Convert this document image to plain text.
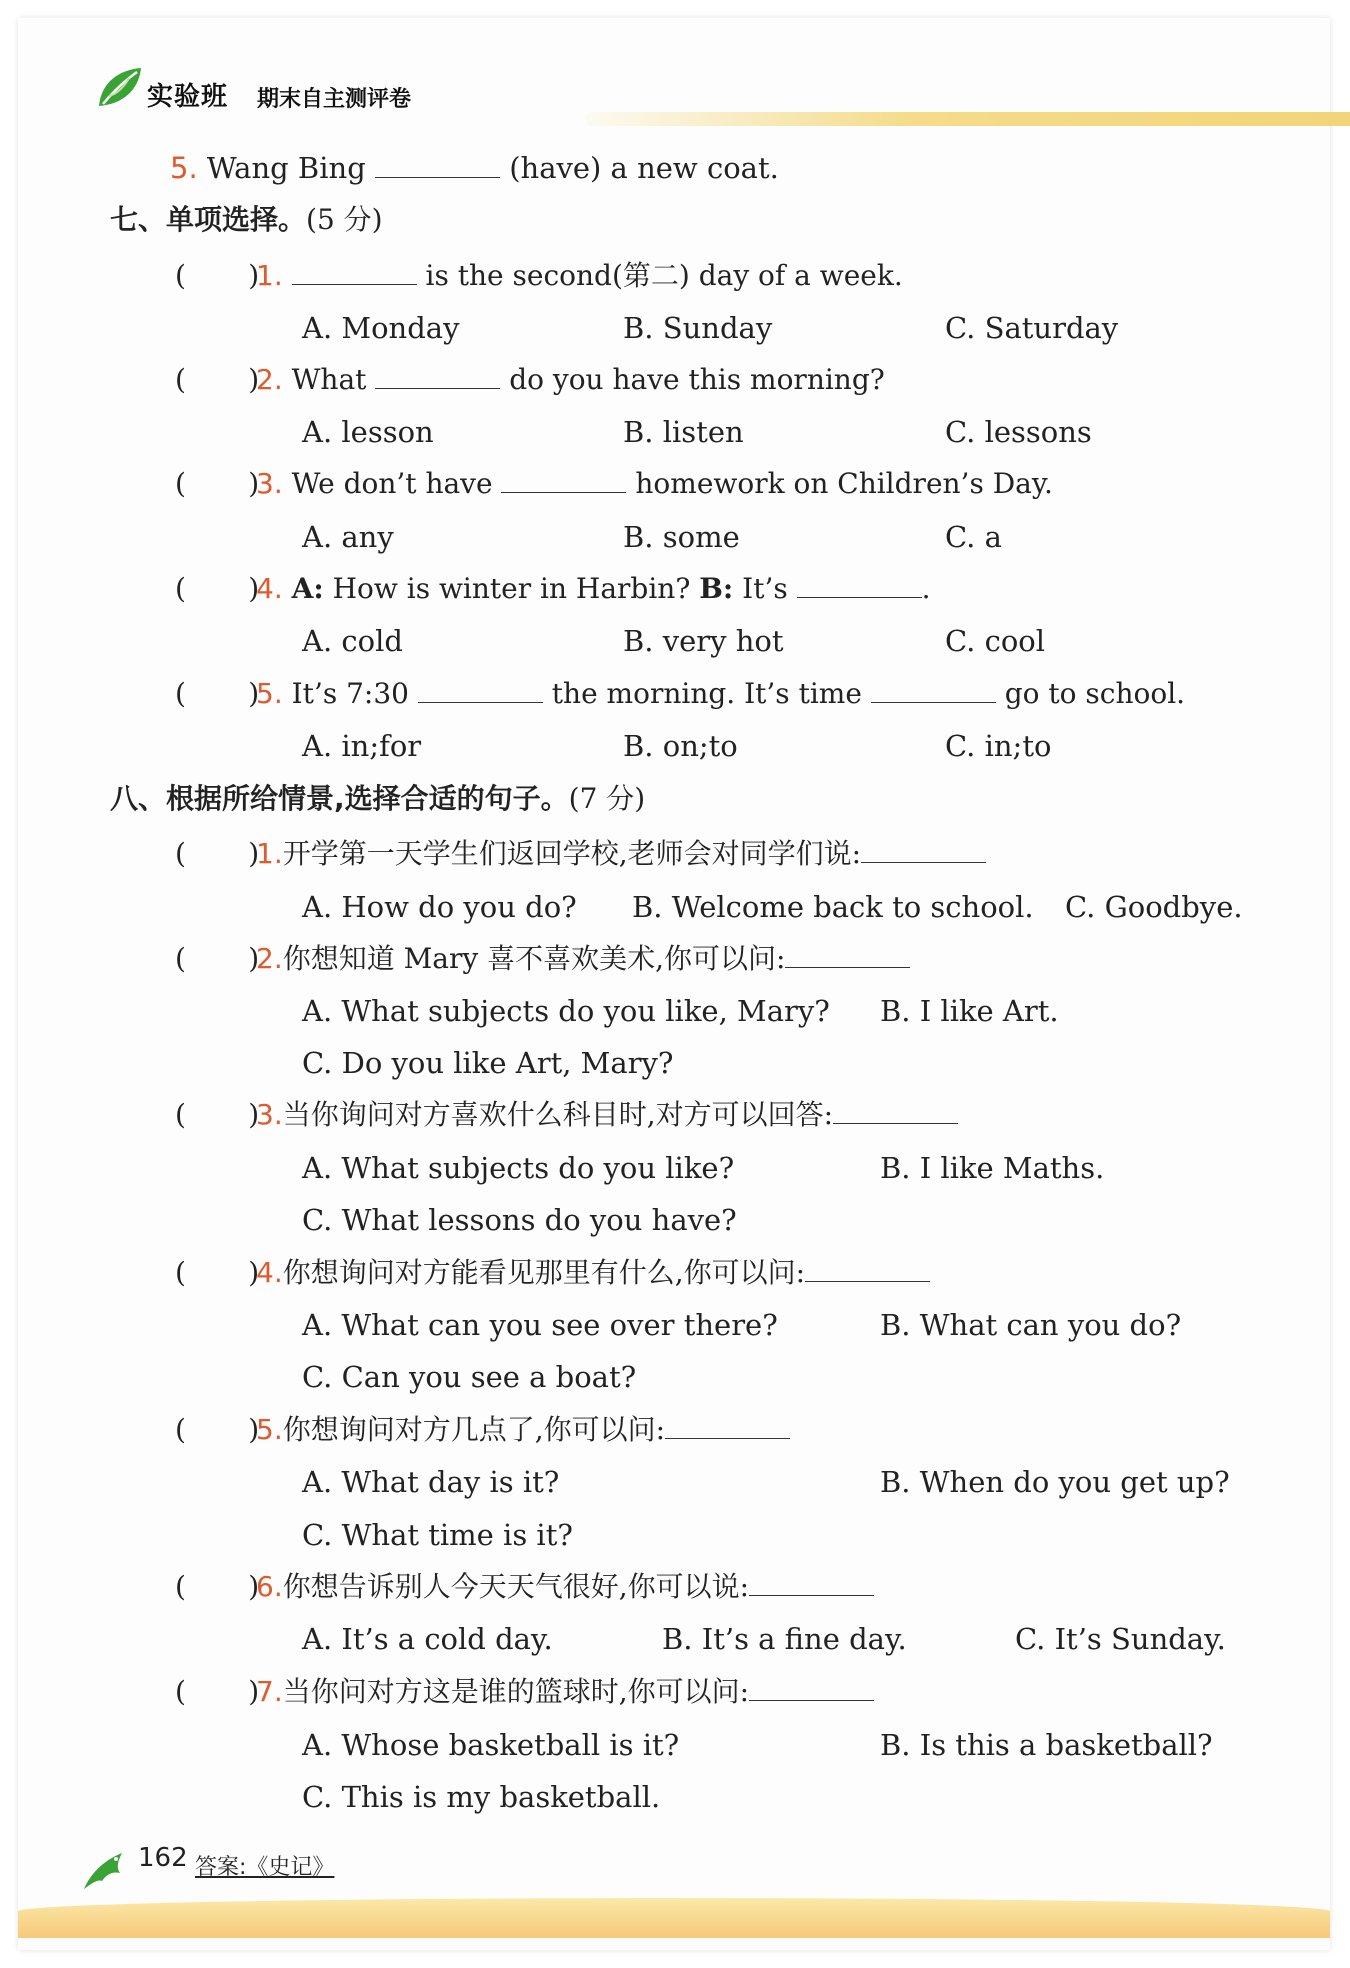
实验班 期末自主测评卷
5. Wang Bing	(have) a new coat.
七、单项选择。(5 分)
(       )
1.	is the second(第二) day of a week.
A. Monday	B. Sunday	C. Saturday
(       )
2. What	do you have this morning?
A. lesson	B. listen	C. lessons
(       )
3. We don’t have	homework on Children’s Day.
A. any	B. some	C. a
(       )
4. A: How is winter in Harbin? B: It’s	.
A. cold	B. very hot	C. cool
(       )
5. It’s 7:30	the morning. It’s time	go to school.
A. in;for	B. on;to	C. in;to
八、根据所给情景,选择合适的句子。(7 分)
(       )
1.开学第一天学生们返回学校,老师会对同学们说:
A. How do you do? B. Welcome back to school. C. Goodbye.
(       )
2.你想知道 Mary 喜不喜欢美术,你可以问:
A. What subjects do you like, Mary? B. I like Art.
C. Do you like Art, Mary?
(       )
3.当你询问对方喜欢什么科目时,对方可以回答:
A. What subjects do you like?	B. I like Maths.
C. What lessons do you have?
(       )
4.你想询问对方能看见那里有什么,你可以问:
A. What can you see over there?	B. What can you do?
C. Can you see a boat?
(       )
5.你想询问对方几点了,你可以问:
A. What day is it?	B. When do you get up?
C. What time is it?
(       )
6.你想告诉别人今天天气很好,你可以说:
A. It’s a cold day.	B. It’s a fine day.	C. It’s Sunday.
(       )
7.当你问对方这是谁的篮球时,你可以问:
A. Whose basketball is it?	B. Is this a basketball?
C. This is my basketball.
162 答案:《史记》
